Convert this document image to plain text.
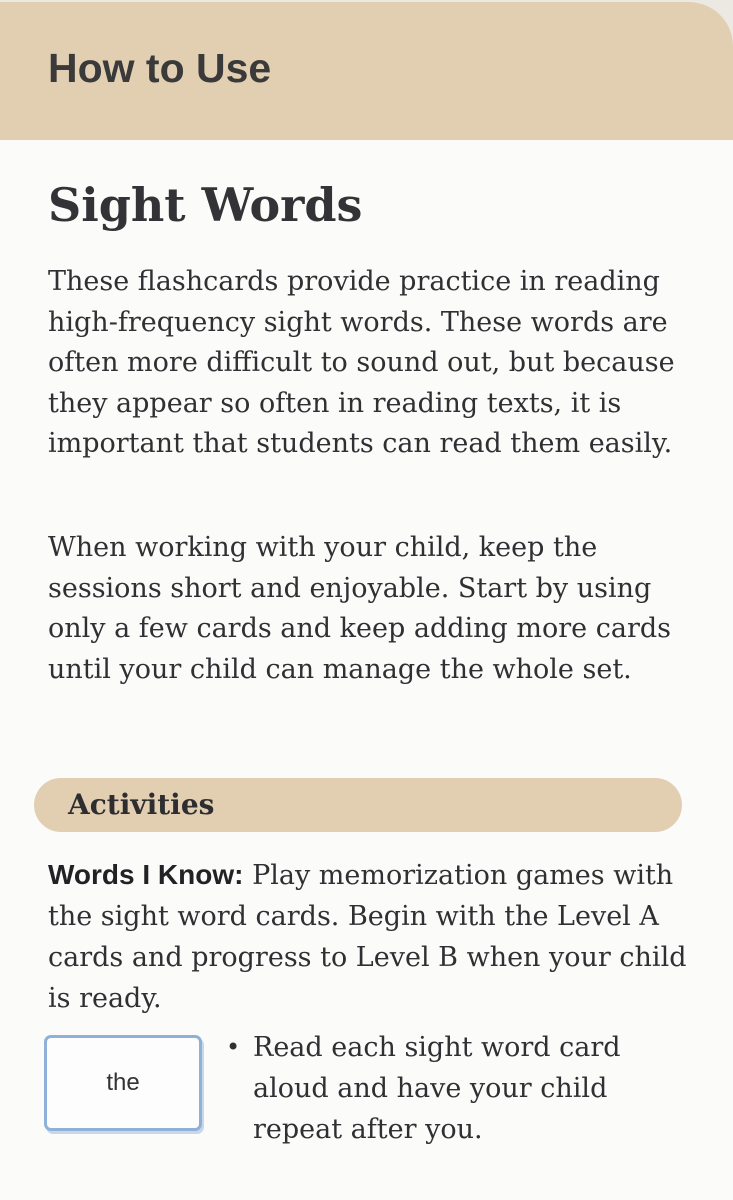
How to Use
Sight Words

These flashcards provide practice in reading high-frequency sight words. These words are often more difficult to sound out, but because they appear so often in reading texts, it is important that students can read them easily.

When working with your child, keep the sessions short and enjoyable. Start by using only a few cards and keep adding more cards until your child can manage the whole set.

Activities

Words I Know: Play memorization games with the sight word cards. Begin with the Level A cards and progress to Level B when your child is ready.

the
• Read each sight word card aloud and have your child repeat after you.
